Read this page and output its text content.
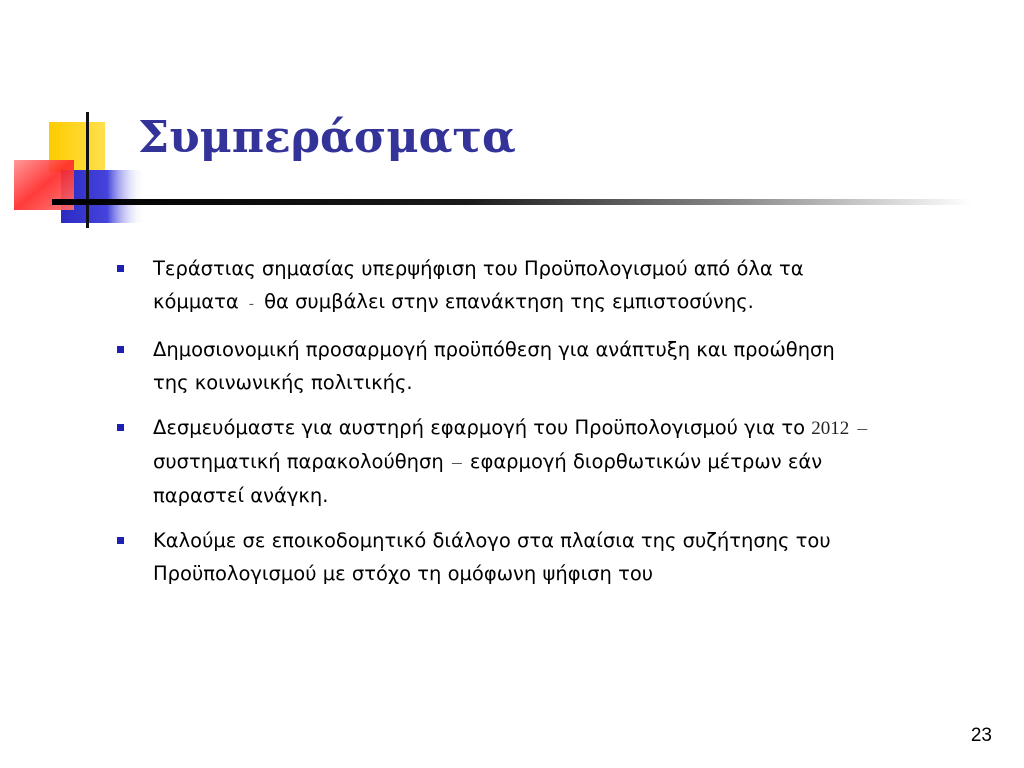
Συμπεράσματα
Τεράστιας σημασίας υπερψήφιση του Προϋπολογισμού από όλα τα κόμματα - θα συμβάλει στην επανάκτηση της εμπιστοσύνης.
Δημοσιονομική προσαρμογή προϋπόθεση για ανάπτυξη και προώθηση της κοινωνικής πολιτικής.
Δεσμευόμαστε για αυστηρή εφαρμογή του Προϋπολογισμού για το 2012 – συστηματική παρακολούθηση – εφαρμογή διορθωτικών μέτρων εάν παραστεί ανάγκη.
Καλούμε σε εποικοδομητικό διάλογο στα πλαίσια της συζήτησης του Προϋπολογισμού με στόχο τη ομόφωνη ψήφιση του
23
